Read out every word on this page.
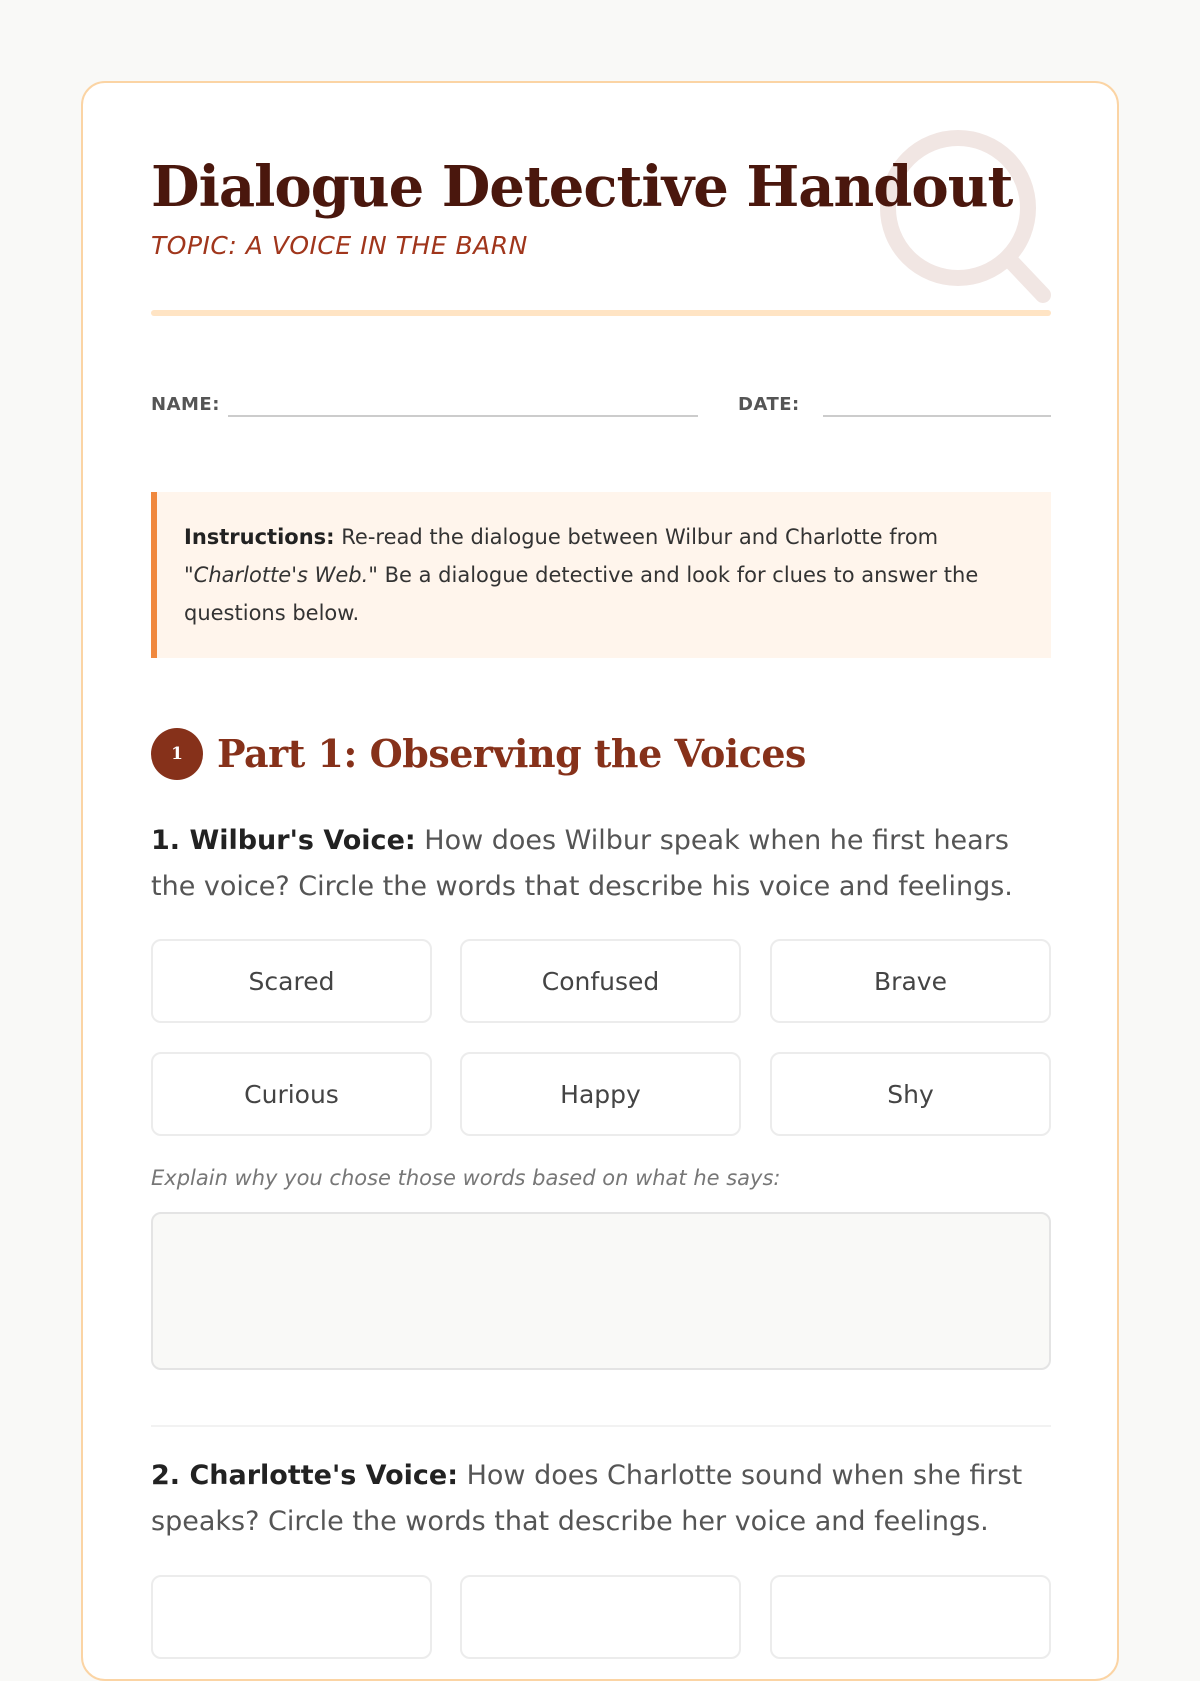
Dialogue Detective Handout
TOPIC: A VOICE IN THE BARN
NAME:	DATE:
Instructions: Re-read the dialogue between Wilbur and Charlotte from "Charlotte's Web." Be a dialogue detective and look for clues to answer the questions below.
1 Part 1: Observing the Voices

1. Wilbur's Voice: How does Wilbur speak when he first hears the voice? Circle the words that describe his voice and feelings.

Scared	Confused	Brave
Curious	Happy	Shy
Explain why you chose those words based on what he says:

2. Charlotte's Voice: How does Charlotte sound when she first speaks? Circle the words that describe her voice and feelings.
